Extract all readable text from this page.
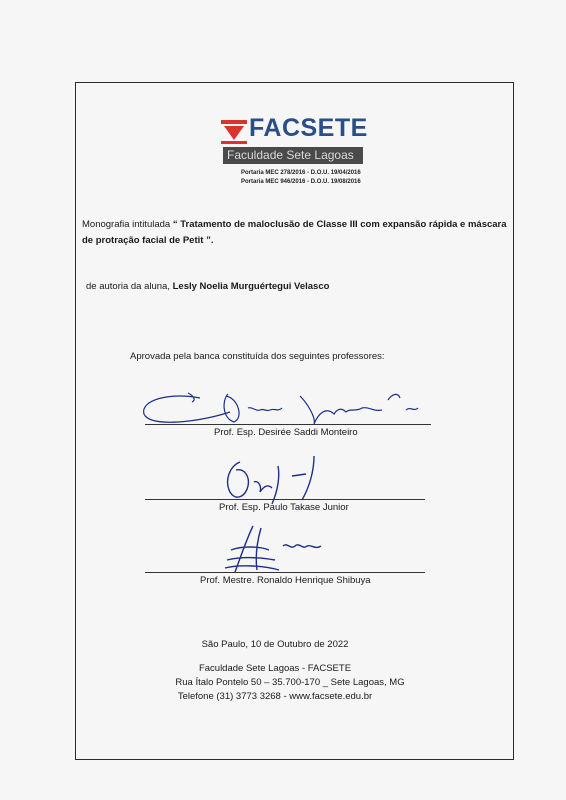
FACSETE
Faculdade Sete Lagoas
Portaria MEC 278/2016 - D.O.U. 19/04/2016
Portaria MEC 946/2016 - D.O.U. 19/08/2016
Monografia intitulada “ Tratamento de maloclusão de Classe III com expansão rápida e máscara
de protração facial de Petit ”.
de autoria da aluna, Lesly Noelia Murguértegui Velasco
Aprovada pela banca constituída dos seguintes professores:
Prof. Esp. Desirée Saddi Monteiro
Prof. Esp. Paulo Takase Junior
Prof. Mestre. Ronaldo Henrique Shibuya
São Paulo, 10 de Outubro de 2022
Faculdade Sete Lagoas - FACSETE
Rua Ítalo Pontelo 50 – 35.700-170 _ Sete Lagoas, MG
Telefone (31) 3773 3268 - www.facsete.edu.br
